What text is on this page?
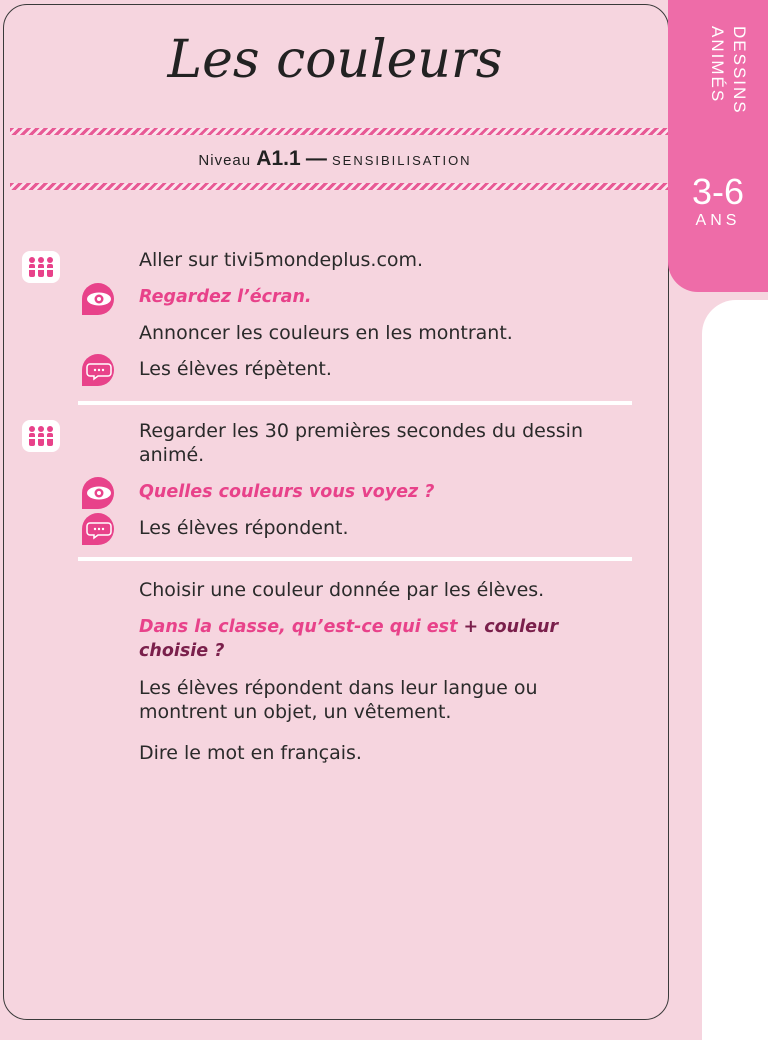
DESSINS
ANIMÉS
3-6
ANS
Les couleurs
Niveau A1.1 — SENSIBILISATION
Aller sur tivi5mondeplus.com.
Regardez l’écran.
Annoncer les couleurs en les montrant.
Les élèves répètent.
Regarder les 30 premières secondes du dessin
animé.
Quelles couleurs vous voyez ?
Les élèves répondent.
Choisir une couleur donnée par les élèves.
Dans la classe, qu’est-ce qui est + couleur
choisie ?
Les élèves répondent dans leur langue ou
montrent un objet, un vêtement.
Dire le mot en français.
